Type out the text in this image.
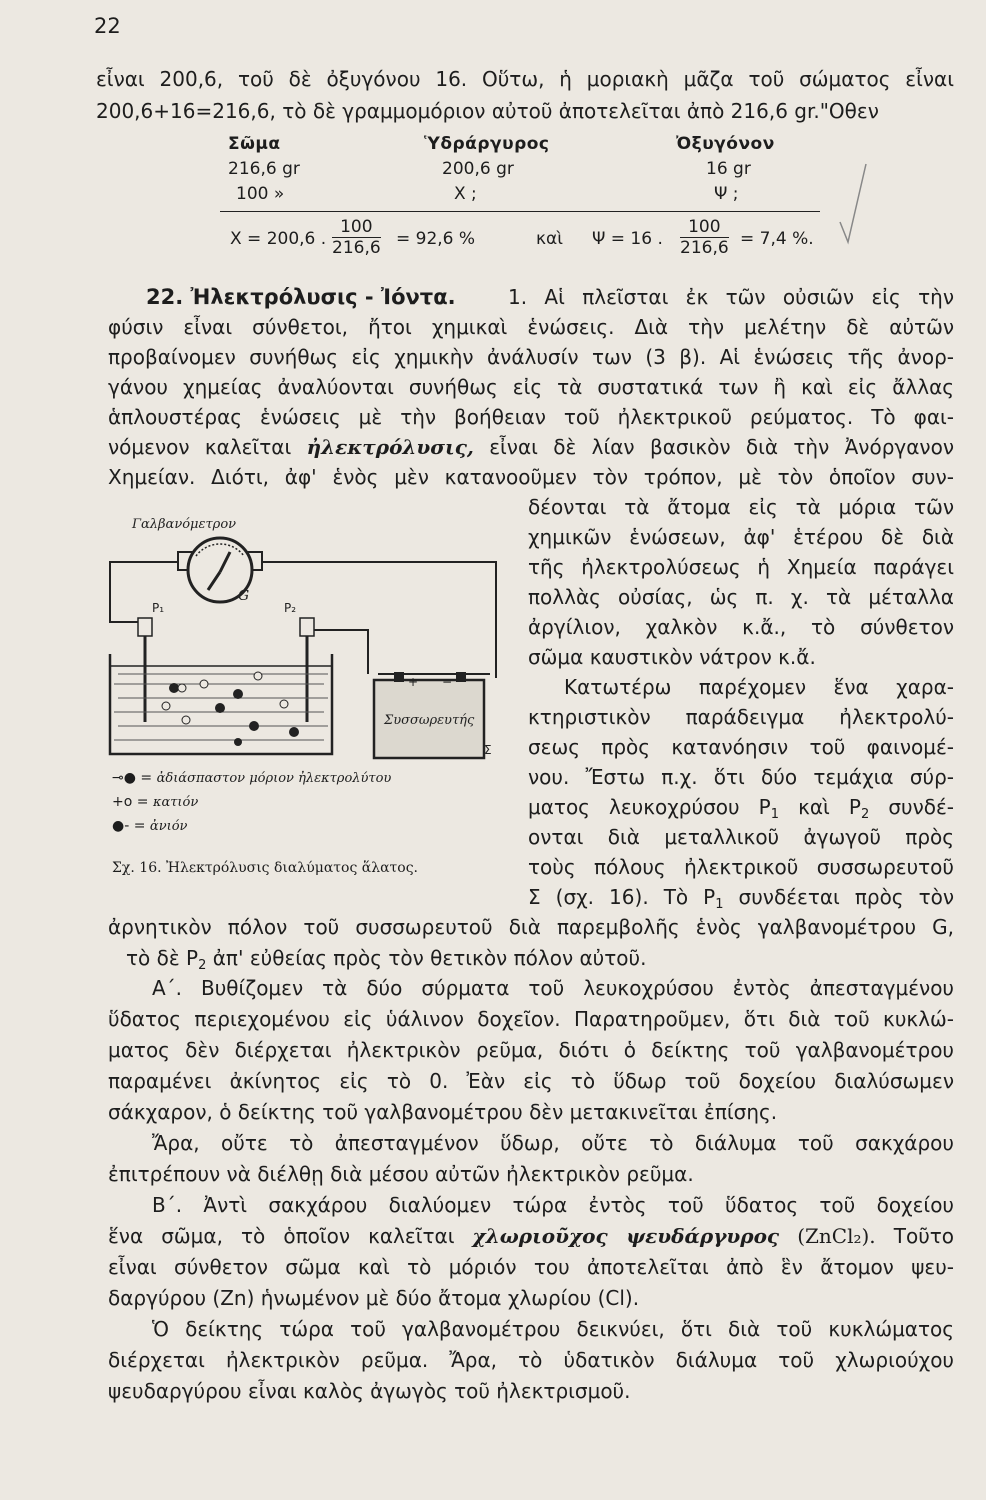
22
εἶναι 200,6, τοῦ δὲ ὀξυγόνου 16. Οὕτω, ἡ μοριακὴ μᾶζα τοῦ σώματος εἶναι
200,6+16=216,6, τὸ δὲ γραμμομόριον αὐτοῦ ἀποτελεῖται ἀπὸ 216,6 gr."Οθεν
Σῶμα	Ὑδράργυρος	Ὀξυγόνον
216,6 gr	200,6 gr	16 gr
100 »	X ;	Ψ ;
X = 200,6 . $\frac{100}{216,6} = 92,6$ %	καὶ Ψ = 16 . $\frac{100}{216,6} = 7,4$ %.
22. Ἠλεκτρόλυσις - Ἰόντα.	1. Αἱ πλεῖσται ἐκ τῶν οὐσιῶν εἰς τὴν
φύσιν εἶναι σύνθετοι, ἤτοι χημικαὶ ἑνώσεις. Διὰ τὴν μελέτην δὲ αὐτῶν
προβαίνομεν συνήθως εἰς χημικὴν ἀνάλυσίν των (3 β). Αἱ ἑνώσεις τῆς ἀνορ-
γάνου χημείας ἀναλύονται συνήθως εἰς τὰ συστατικά των ἢ καὶ εἰς ἄλλας
ἁπλουστέρας ἑνώσεις μὲ τὴν βοήθειαν τοῦ ἠλεκτρικοῦ ρεύματος. Τὸ φαι-
νόμενον καλεῖται ἠλεκτρόλυσις, εἶναι δὲ λίαν βασικὸν διὰ τὴν Ἀνόργανον
Χημείαν. Διότι, ἀφ' ἑνὸς μὲν κατανοοῦμεν τὸν τρόπον, μὲ τὸν ὁποῖον συν-
δέονται τὰ ἄτομα εἰς τὰ μόρια τῶν
χημικῶν ἑνώσεων, ἀφ' ἑτέρου δὲ διὰ
τῆς ἠλεκτρολύσεως ἡ Χημεία παράγει
πολλὰς οὐσίας, ὡς π. χ. τὰ μέταλλα
ἀργίλιον, χαλκὸν κ.ἄ., τὸ σύνθετον
σῶμα καυστικὸν νάτρον κ.ἄ.
Κατωτέρω παρέχομεν ἕνα χαρα-
κτηριστικὸν παράδειγμα ἠλεκτρολύ-
σεως πρὸς κατανόησιν τοῦ φαινομέ-
νου. Ἔστω π.χ. ὅτι δύο τεμάχια σύρ-
ματος λευκοχρύσου $P_1$ καὶ $P_2$ συνδέ-
ονται διὰ μεταλλικοῦ ἀγωγοῦ πρὸς
τοὺς πόλους ἠλεκτρικοῦ συσσωρευτοῦ
Σ (σχ. 16). Τὸ $P_1$ συνδέεται πρὸς τὸν
ἀρνητικὸν πόλον τοῦ συσσωρευτοῦ διὰ παρεμβολῆς ἑνὸς γαλβανομέτρου G,
τὸ δὲ $P_2$ ἀπ' εὐθείας πρὸς τὸν θετικὸν πόλον αὐτοῦ.
Α΄. Βυθίζομεν τὰ δύο σύρματα τοῦ λευκοχρύσου ἐντὸς ἀπεσταγμένου
ὕδατος περιεχομένου εἰς ὑάλινον δοχεῖον. Παρατηροῦμεν, ὅτι διὰ τοῦ κυκλώ-
ματος δὲν διέρχεται ἠλεκτρικὸν ρεῦμα, διότι ὁ δείκτης τοῦ γαλβανομέτρου
παραμένει ἀκίνητος εἰς τὸ 0. Ἐὰν εἰς τὸ ὕδωρ τοῦ δοχείου διαλύσωμεν
σάκχαρον, ὁ δείκτης τοῦ γαλβανομέτρου δὲν μετακινεῖται ἐπίσης.
Ἄρα, οὔτε τὸ ἀπεσταγμένον ὕδωρ, οὔτε τὸ διάλυμα τοῦ σακχάρου
ἐπιτρέπουν νὰ διέλθῃ διὰ μέσου αὐτῶν ἠλεκτρικὸν ρεῦμα.
Β΄. Ἀντὶ σακχάρου διαλύομεν τώρα ἐντὸς τοῦ ὕδατος τοῦ δοχείου
ἕνα σῶμα, τὸ ὁποῖον καλεῖται χλωριοῦχος ψευδάργυρος (ZnCl₂). Τοῦτο
εἶναι σύνθετον σῶμα καὶ τὸ μόριόν του ἀποτελεῖται ἀπὸ ἓν ἄτομον ψευ-
δαργύρου (Zn) ἡνωμένον μὲ δύο ἄτομα χλωρίου (Cl).
Ὁ δείκτης τώρα τοῦ γαλβανομέτρου δεικνύει, ὅτι διὰ τοῦ κυκλώματος
διέρχεται ἠλεκτρικὸν ρεῦμα. Ἄρα, τὸ ὑδατικὸν διάλυμα τοῦ χλωριούχου
ψευδαργύρου εἶναι καλὸς ἀγωγὸς τοῦ ἠλεκτρισμοῦ.
Γαλβανόμετρον
G
P₁	P₂
+ −
Συσσωρευτής
Σ
⊸● = ἀδιάσπαστον μόριον ἠλεκτρολύτου
+o = κατιόν
●- = ἀνιόν
Σχ. 16. Ἠλεκτρόλυσις διαλύματος ἅλατος.
